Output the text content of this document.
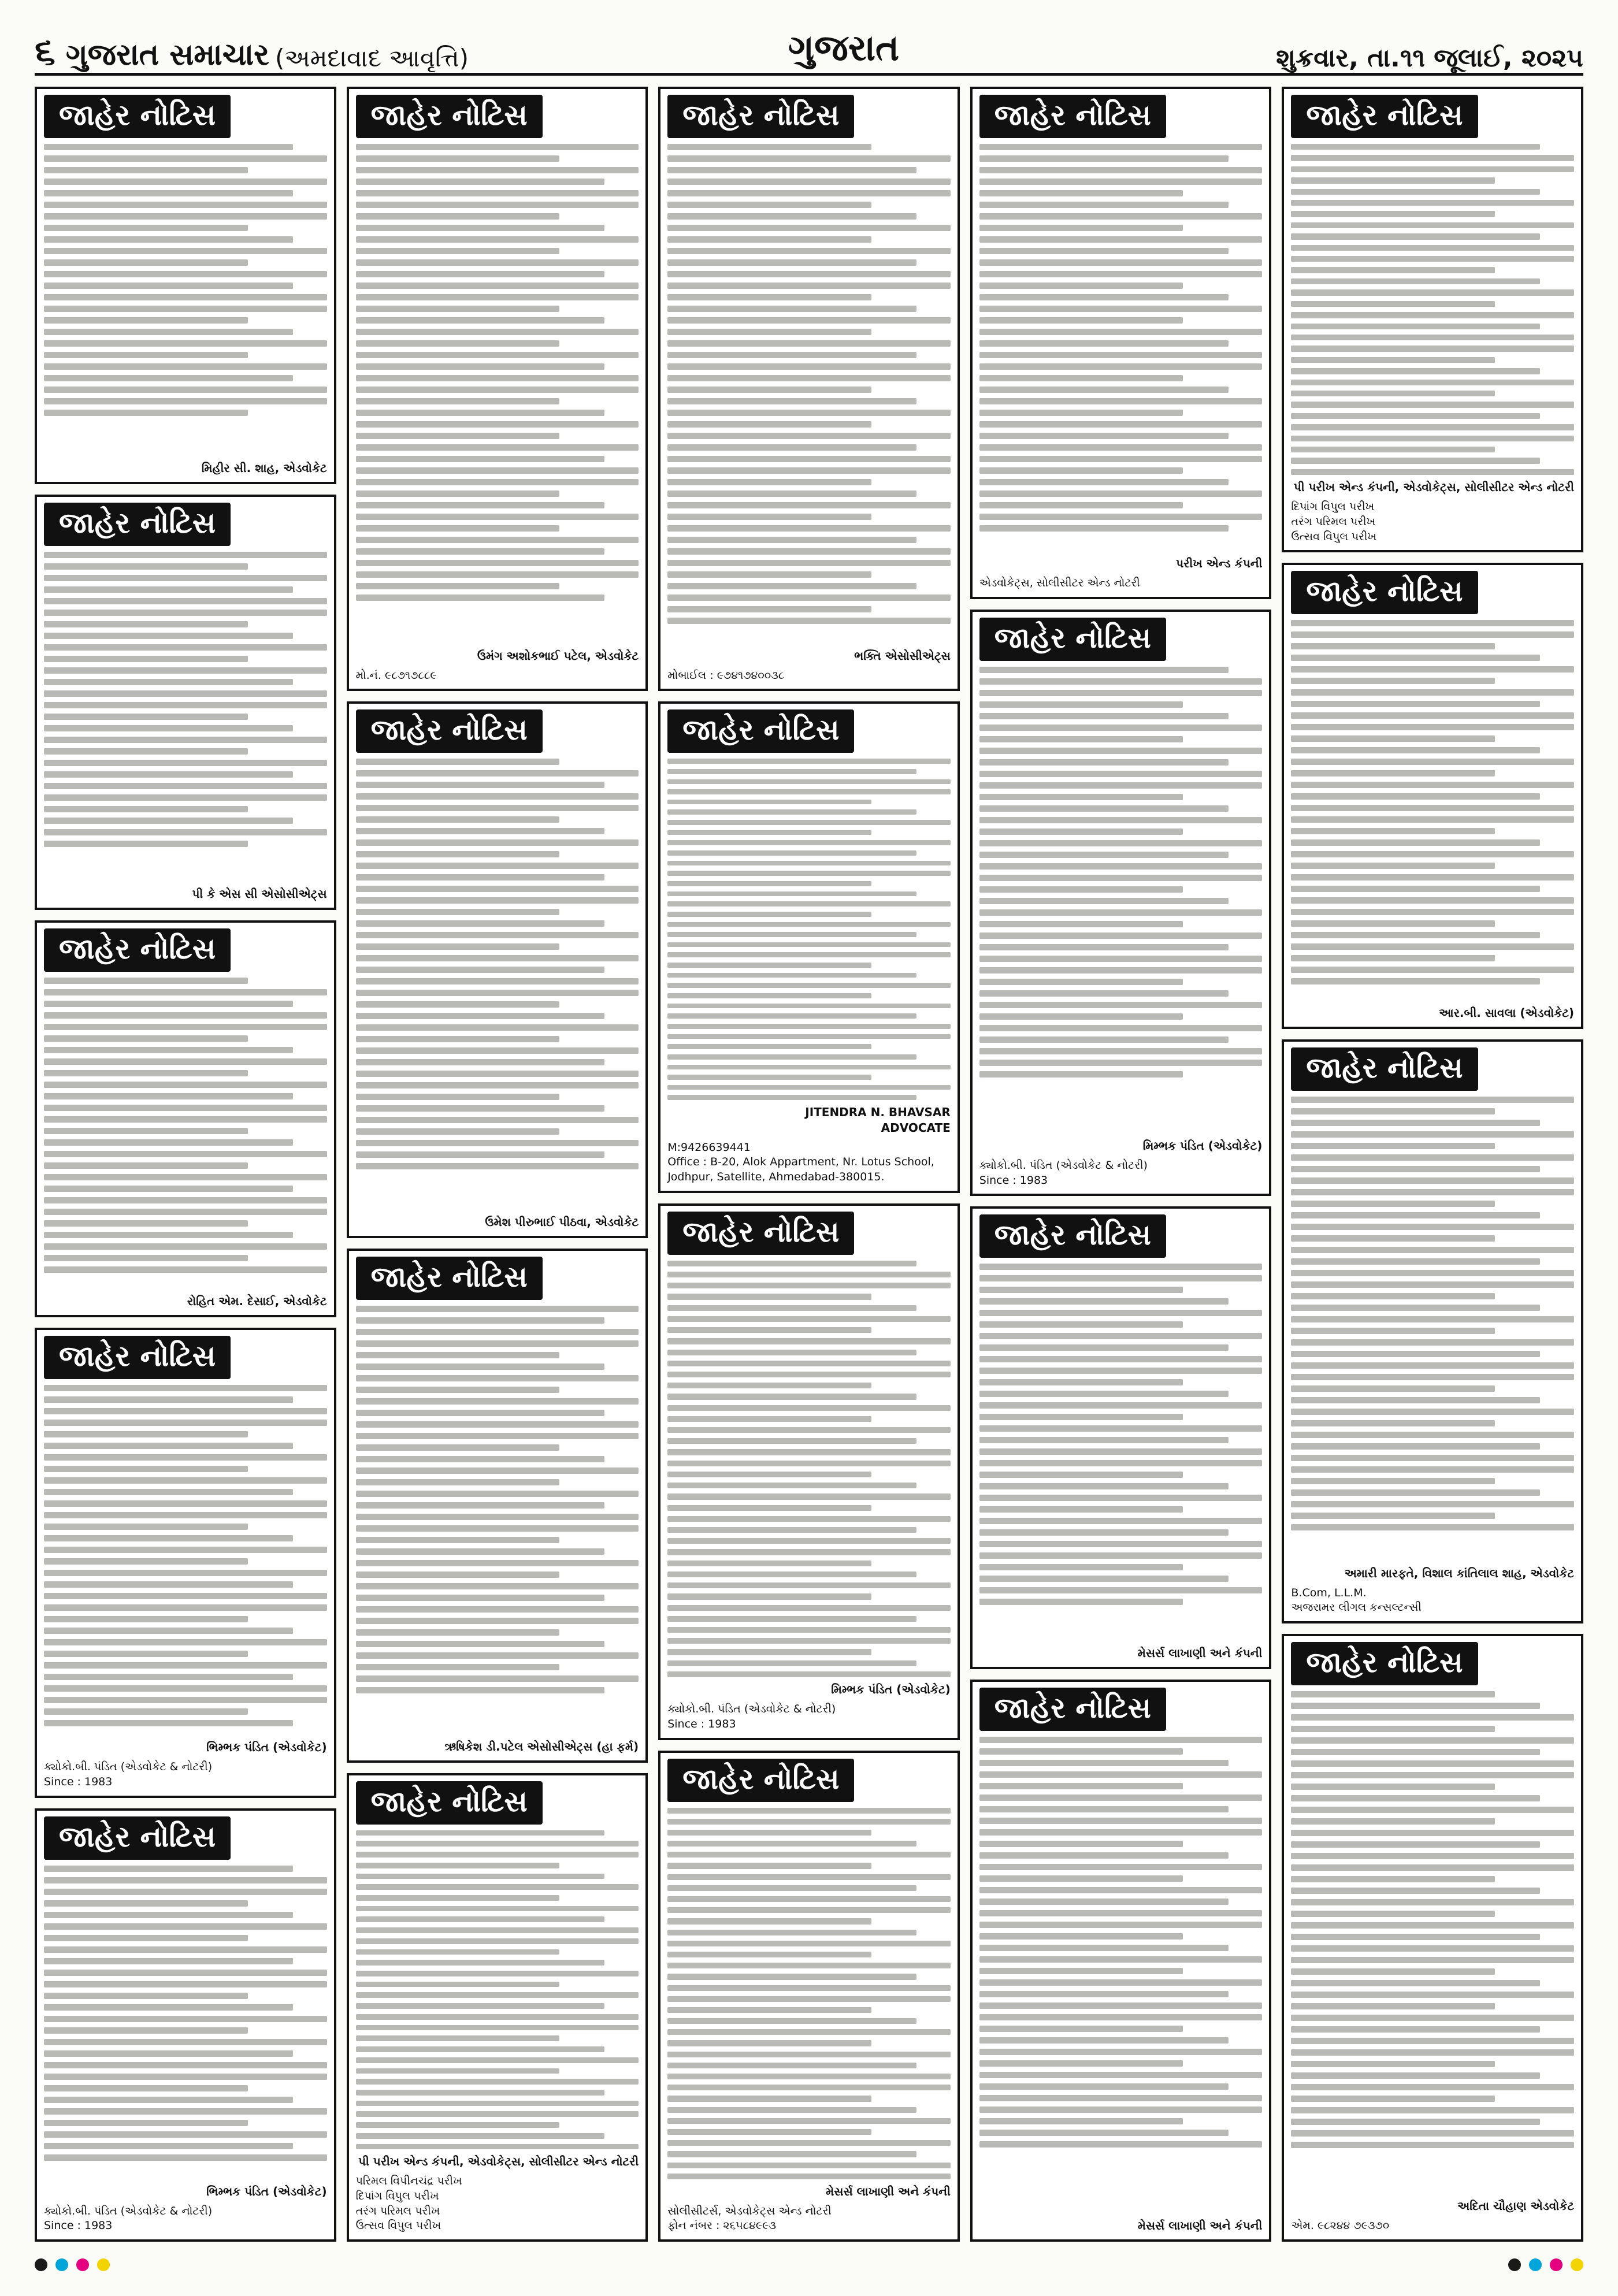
૬ ગુજરાત સમાચાર (અમદાવાદ આવૃત્તિ)	ગુજરાત	શુક્રવાર, તા.૧૧ જૂલાઈ, ૨૦૨૫
જાહેર નોટિસ
મિહીર સી. શાહ, એડવોકેટ
જાહેર નોટિસ
પી કે એસ સી એસોસીએટ્સ
જાહેર નોટિસ
રોહિત એમ. દેસાઈ, એડવોકેટ
જાહેર નોટિસ
ભિમ્ભક પંડિત (એડવોકેટ)
ક્યોકો.બી. પંડિત (એડવોકેટ & નોટરી)
Since : 1983
જાહેર નોટિસ
ભિમ્ભક પંડિત (એડવોકેટ)
ક્યોકો.બી. પંડિત (એડવોકેટ & નોટરી)
Since : 1983
જાહેર નોટિસ
ઉમંગ અશોકભાઈ પટેલ, એડવોકેટ
મો.નં. ૯૮૭૧૭૮૮૯
જાહેર નોટિસ
ઉમેશ પીરુભાઈ પીઠવા, એડવોકેટ
જાહેર નોટિસ
ઋષિકેશ ડી.પટેલ એસોસીએટ્સ (હા ફર્મ)
જાહેર નોટિસ
પી પરીખ એન્ડ કંપની, એડવોકેટ્સ, સોલીસીટર એન્ડ નોટરી
પરિમલ વિપીનચંદ્ર પરીખ
દિપાંગ વિપુલ પરીખ
તરંગ પરિમલ પરીખ
ઉત્સવ વિપુલ પરીખ
જાહેર નોટિસ
ભક્તિ એસોસીએટ્સ
મોબાઈલ : ૯૭૪૧૭૪૦૦૩૮
જાહેર નોટિસ
JITENDRA N. BHAVSAR
ADVOCATE
M:9426639441
Office : B-20, Alok Appartment, Nr. Lotus School, Jodhpur, Satellite, Ahmedabad-380015.
જાહેર નોટિસ
મિમ્ભક પંડિત (એડવોકેટ)
ક્યોકો.બી. પંડિત (એડવોકેટ & નોટરી)
Since : 1983
જાહેર નોટિસ
મેસર્સ લાખાણી અને કંપની
સોલીસીટર્સ, એડવોકેટ્સ એન્ડ નોટરી
ફોન નંબર : ૨૬૫૮૪૯૯૩
જાહેર નોટિસ
પરીખ એન્ડ કંપની
એડવોકેટ્સ, સોલીસીટર એન્ડ નોટરી
જાહેર નોટિસ
મિમ્ભક પંડિત (એડવોકેટ)
ક્યોકો.બી. પંડિત (એડવોકેટ & નોટરી)
Since : 1983
જાહેર નોટિસ
મેસર્સ લાખાણી અને કંપની
જાહેર નોટિસ
મેસર્સ લાખાણી અને કંપની
જાહેર નોટિસ
પી પરીખ એન્ડ કંપની, એડવોકેટ્સ, સોલીસીટર એન્ડ નોટરી
દિપાંગ વિપુલ પરીખ
તરંગ પરિમલ પરીખ
ઉત્સવ વિપુલ પરીખ
જાહેર નોટિસ
આર.બી. સાવલા (એડવોકેટ)
જાહેર નોટિસ
અમારી મારફતે, વિશાલ કાંતિલાલ શાહ, એડવોકેટ
B.Com, L.L.M.
અજરામર લીગલ કન્સલ્ટન્સી
જાહેર નોટિસ
અદિતા ચૌહાણ એડવોકેટ
એમ. ૯૮૨૪૪ ૭૯૩૭૦
